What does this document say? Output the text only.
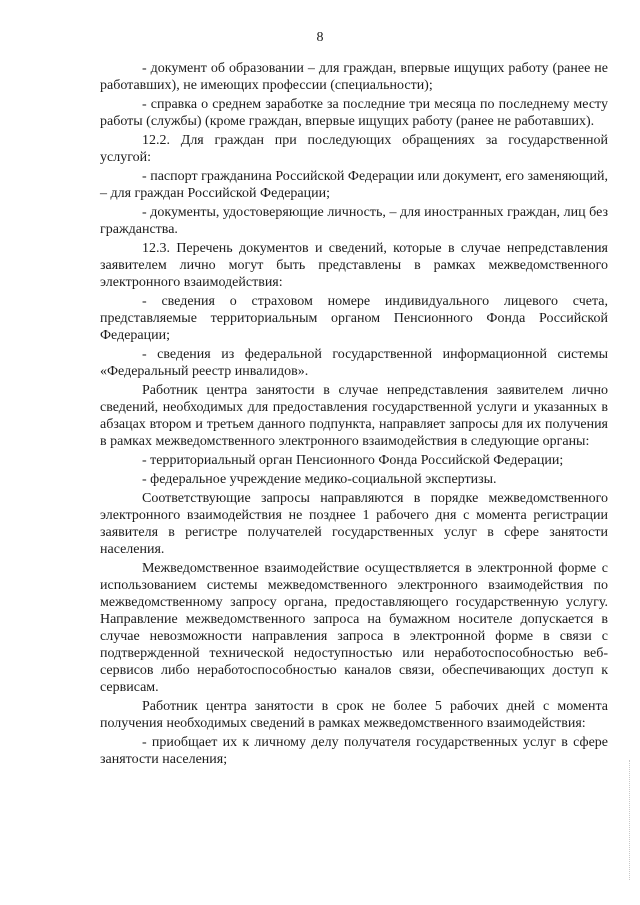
8

- документ об образовании – для граждан, впервые ищущих работу (ранее не работавших), не имеющих профессии (специальности);

- справка о среднем заработке за последние три месяца по последнему месту работы (службы) (кроме граждан, впервые ищущих работу (ранее не работавших).

12.2. Для граждан при последующих обращениях за государственной услугой:

- паспорт гражданина Российской Федерации или документ, его заменяющий, – для граждан Российской Федерации;

- документы, удостоверяющие личность, – для иностранных граждан, лиц без гражданства.

12.3. Перечень документов и сведений, которые в случае непредставления заявителем лично могут быть представлены в рамках межведомственного электронного взаимодействия:

- сведения о страховом номере индивидуального лицевого счета, представляемые территориальным органом Пенсионного Фонда Российской Федерации;

- сведения из федеральной государственной информационной системы «Федеральный реестр инвалидов».

Работник центра занятости в случае непредставления заявителем лично сведений, необходимых для предоставления государственной услуги и указанных в абзацах втором и третьем данного подпункта, направляет запросы для их получения в рамках межведомственного электронного взаимодействия в следующие органы:

- территориальный орган Пенсионного Фонда Российской Федерации;

- федеральное учреждение медико-социальной экспертизы.

Соответствующие запросы направляются в порядке межведомственного электронного взаимодействия не позднее 1 рабочего дня с момента регистрации заявителя в регистре получателей государственных услуг в сфере занятости населения.

Межведомственное взаимодействие осуществляется в электронной форме с использованием системы межведомственного электронного взаимодействия по межведомственному запросу органа, предоставляющего государственную услугу. Направление межведомственного запроса на бумажном носителе допускается в случае невозможности направления запроса в электронной форме в связи с подтвержденной технической недоступностью или неработоспособностью веб-сервисов либо неработоспособностью каналов связи, обеспечивающих доступ к сервисам.

Работник центра занятости в срок не более 5 рабочих дней с момента получения необходимых сведений в рамках межведомственного взаимодействия:

- приобщает их к личному делу получателя государственных услуг в сфере занятости населения;
